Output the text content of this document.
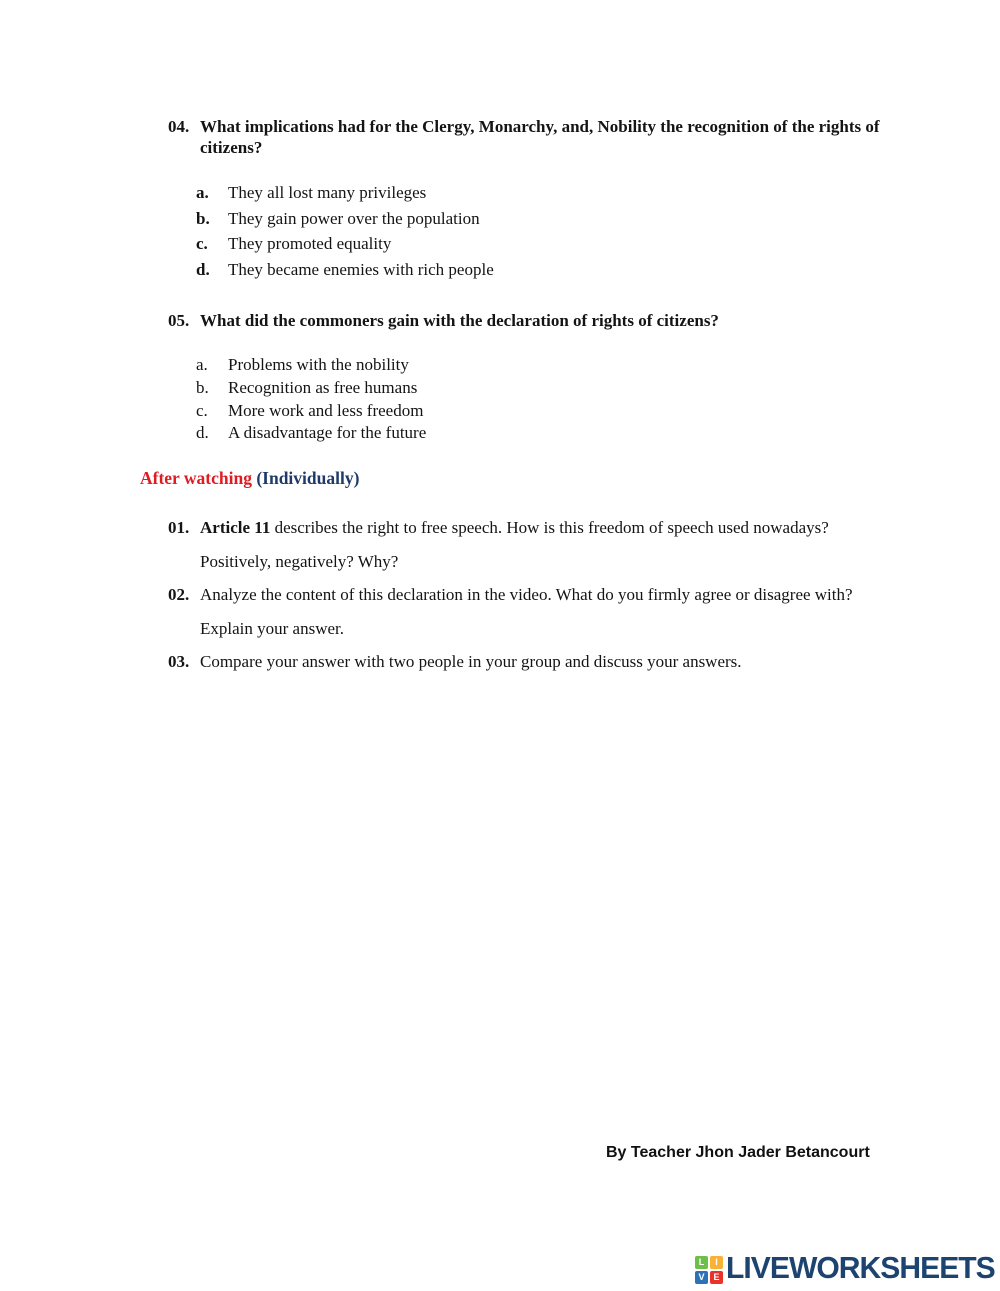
04. What implications had for the Clergy, Monarchy, and, Nobility the recognition of the rights of citizens?
a.	They all lost many privileges
b.	They gain power over the population
c.	They promoted equality
d.	They became enemies with rich people
05. What did the commoners gain with the declaration of rights of citizens?
a.	Problems with the nobility
b.	Recognition as free humans
c.	More work and less freedom
d.	A disadvantage for the future
After watching (Individually)
01. Article 11 describes the right to free speech. How is this freedom of speech used nowadays? Positively, negatively? Why?
02. Analyze the content of this declaration in the video. What do you firmly agree or disagree with? Explain your answer.
03. Compare your answer with two people in your group and discuss your answers.
By Teacher Jhon Jader Betancourt
L	I
V E LIVEWORKSHEETS
